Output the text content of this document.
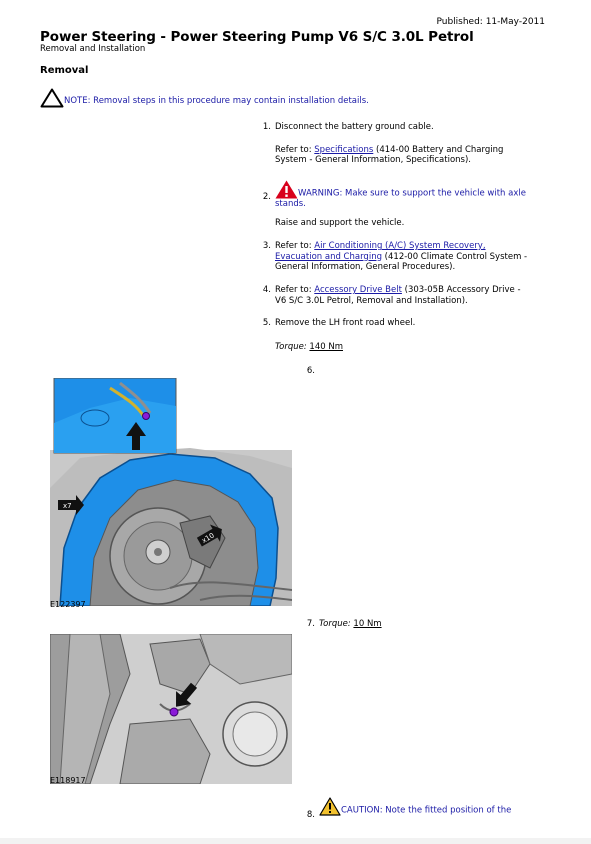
Published: 11-May-2011
Power Steering - Power Steering Pump V6 S/C 3.0L Petrol
Removal and Installation
Removal
NOTE: Removal steps in this procedure may contain installation details.
1. Disconnect the battery ground cable.
Refer to: Specifications (414-00 Battery and Charging
System - General Information, Specifications).
2.	WARNING: Make sure to support the vehicle with axle
stands.
Raise and support the vehicle.
3. Refer to: Air Conditioning (A/C) System Recovery,
Evacuation and Charging (412-00 Climate Control System -
General Information, General Procedures).
4. Refer to: Accessory Drive Belt (303-05B Accessory Drive -
V6 S/C 3.0L Petrol, Removal and Installation).
5. Remove the LH front road wheel.
Torque: 140 Nm
6.
x7
x10
E122397
7. Torque: 10 Nm
E118917
8.	CAUTION: Note the fitted position of the
